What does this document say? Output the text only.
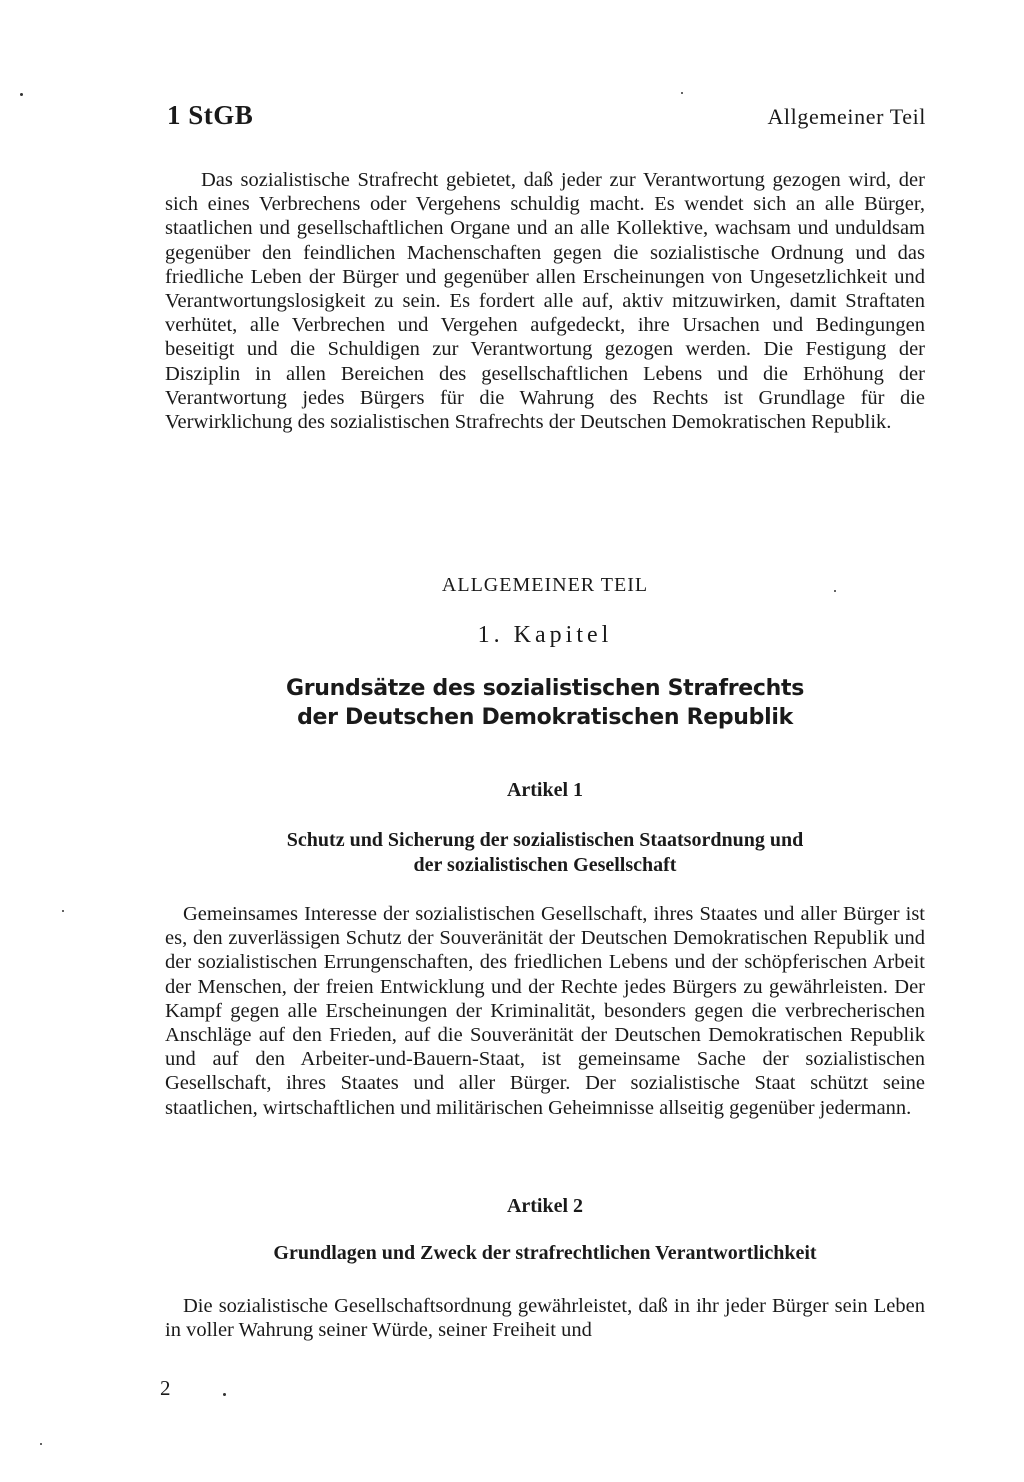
1 StGB	Allgemeiner Teil

Das sozialistische Strafrecht gebietet, daß jeder zur Verantwortung gezogen wird, der sich eines Verbrechens oder Vergehens schuldig macht. Es wendet sich an alle Bürger, staatlichen und gesellschaftlichen Organe und an alle Kollektive, wachsam und unduldsam gegenüber den feindlichen Machenschaften gegen die sozialistische Ordnung und das friedliche Leben der Bürger und gegenüber allen Erscheinungen von Ungesetzlichkeit und Verantwortungslosigkeit zu sein. Es fordert alle auf, aktiv mitzuwirken, damit Straftaten verhütet, alle Verbrechen und Vergehen aufgedeckt, ihre Ursachen und Bedingungen beseitigt und die Schuldigen zur Verantwortung gezogen werden. Die Festigung der Disziplin in allen Bereichen des gesellschaftlichen Lebens und die Erhöhung der Verantwortung jedes Bürgers für die Wahrung des Rechts ist Grundlage für die Verwirklichung des sozialistischen Strafrechts der Deutschen Demokratischen Republik.

ALLGEMEINER TEIL
1. Kapitel
Grundsätze des sozialistischen Strafrechts
der Deutschen Demokratischen Republik
Artikel 1
Schutz und Sicherung der sozialistischen Staatsordnung und
der sozialistischen Gesellschaft

Gemeinsames Interesse der sozialistischen Gesellschaft, ihres Staates und aller Bürger ist es, den zuverlässigen Schutz der Souveränität der Deutschen Demokratischen Republik und der sozialistischen Errungenschaften, des friedlichen Lebens und der schöpferischen Arbeit der Menschen, der freien Entwicklung und der Rechte jedes Bürgers zu gewährleisten. Der Kampf gegen alle Erscheinungen der Kriminalität, besonders gegen die verbrecherischen Anschläge auf den Frieden, auf die Souveränität der Deutschen Demokratischen Republik und auf den Arbeiter-und-Bauern-Staat, ist gemeinsame Sache der sozialistischen Gesellschaft, ihres Staates und aller Bürger. Der sozialistische Staat schützt seine staatlichen, wirtschaftlichen und militärischen Geheimnisse allseitig gegenüber jedermann.

Artikel 2
Grundlagen und Zweck der strafrechtlichen Verantwortlichkeit

Die sozialistische Gesellschaftsordnung gewährleistet, daß in ihr jeder Bürger sein Leben in voller Wahrung seiner Würde, seiner Freiheit und

2
